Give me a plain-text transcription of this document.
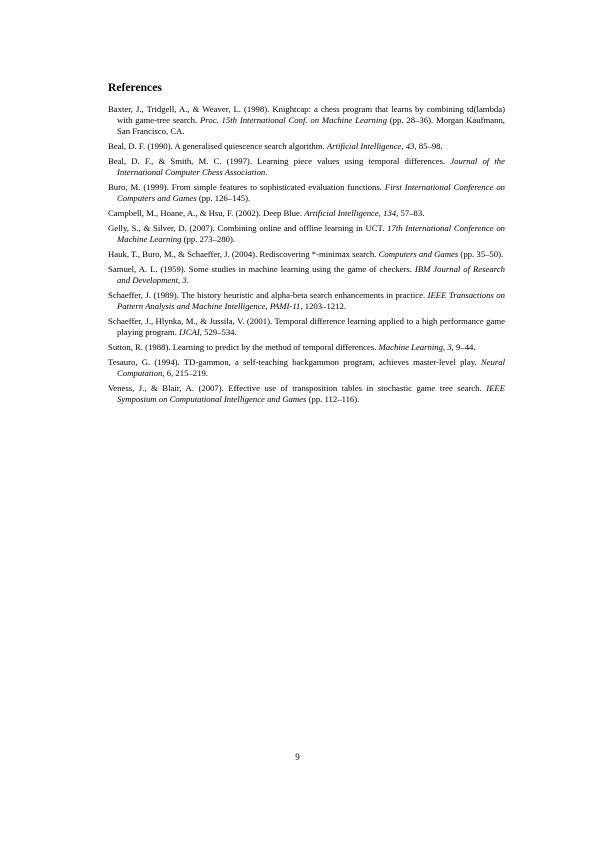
References
Baxter, J., Tridgell, A., & Weaver, L. (1998). Knightcap: a chess program that learns by combining td(lambda) with game-tree search. Proc. 15th International Conf. on Machine Learning (pp. 28–36). Morgan Kaufmann, San Francisco, CA.
Beal, D. F. (1990). A generalised quiescence search algorithm. Artificial Intelligence, 43, 85–98.
Beal, D. F., & Smith, M. C. (1997). Learning piece values using temporal differences. Journal of the International Computer Chess Association.
Buro, M. (1999). From simple features to sophisticated evaluation functions. First International Conference on Computers and Games (pp. 126–145).
Campbell, M., Hoane, A., & Hsu, F. (2002). Deep Blue. Artificial Intelligence, 134, 57–83.
Gelly, S., & Silver, D. (2007). Combining online and offline learning in UCT. 17th International Conference on Machine Learning (pp. 273–280).
Hauk, T., Buro, M., & Schaeffer, J. (2004). Rediscovering *-minimax search. Computers and Games (pp. 35–50).
Samuel, A. L. (1959). Some studies in machine learning using the game of checkers. IBM Journal of Research and Development, 3.
Schaeffer, J. (1989). The history heuristic and alpha-beta search enhancements in practice. IEEE Transactions on Pattern Analysis and Machine Intelligence, PAMI-11, 1203–1212.
Schaeffer, J., Hlynka, M., & Jussila, V. (2001). Temporal difference learning applied to a high performance game playing program. IJCAI, 529–534.
Sutton, R. (1988). Learning to predict by the method of temporal differences. Machine Learning, 3, 9–44.
Tesauro, G. (1994). TD-gammon, a self-teaching backgammon program, achieves master-level play. Neural Computation, 6, 215–219.
Veness, J., & Blair, A. (2007). Effective use of transposition tables in stochastic game tree search. IEEE Symposium on Computational Intelligence and Games (pp. 112–116).
9
